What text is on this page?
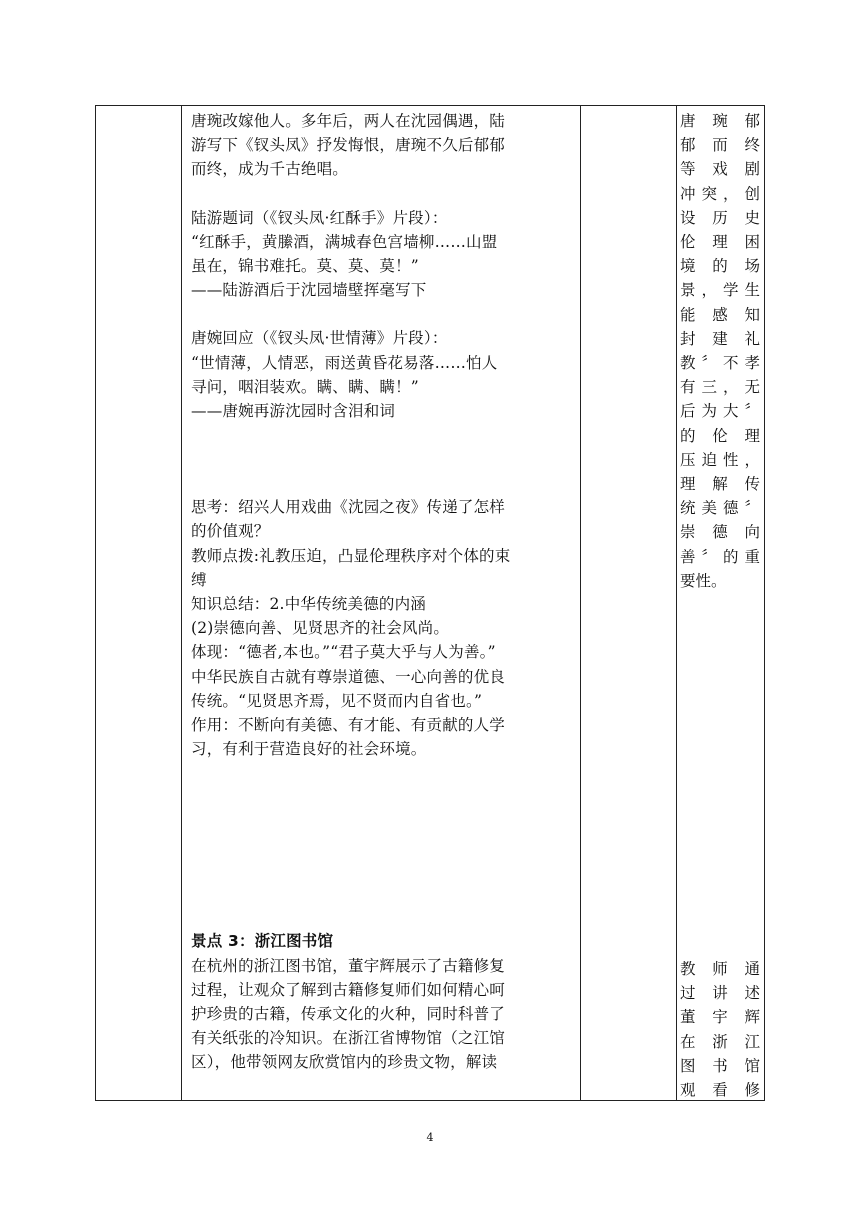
唐琬改嫁他人。多年后，两人在沈园偶遇，陆

游写下《钗头凤》抒发悔恨，唐琬不久后郁郁

而终，成为千古绝唱。

陆游题词（《钗头凤·红酥手》片段）：

“红酥手，黄縢酒，满城春色宫墙柳……山盟

虽在，锦书难托。莫、莫、莫！”

——陆游酒后于沈园墙壁挥毫写下

唐婉回应（《钗头凤·世情薄》片段）：

“世情薄，人情恶，雨送黄昏花易落……怕人

寻问，咽泪装欢。瞒、瞒、瞒！”

——唐婉再游沈园时含泪和词

思考：绍兴人用戏曲《沈园之夜》传递了怎样

的价值观？

教师点拨:礼教压迫，凸显伦理秩序对个体的束

缚

知识总结：2.中华传统美德的内涵

(2)崇德向善、见贤思齐的社会风尚。

体现：“德者,本也。”“君子莫大乎与人为善。”

中华民族自古就有尊崇道德、一心向善的优良

传统。“见贤思齐焉，见不贤而内自省也。”

作用：不断向有美德、有才能、有贡献的人学

习，有利于营造良好的社会环境。

景点 3：浙江图书馆

在杭州的浙江图书馆，董宇辉展示了古籍修复

过程，让观众了解到古籍修复师们如何精心呵

护珍贵的古籍，传承文化的火种，同时科普了

有关纸张的冷知识。在浙江省博物馆（之江馆

区），他带领网友欣赏馆内的珍贵文物，解读

唐琬郁
郁而终
等戏剧
冲突，创
设历史
伦理困
境的场
景，学生
能感知
封建礼
教〞不孝
有三，无
后为大〞
的伦理
压迫性，
理解传
统美德〞
崇德向
善〞的重
要性。
教师通
过讲述
董宇辉
在浙江
图书馆
观看修
4
